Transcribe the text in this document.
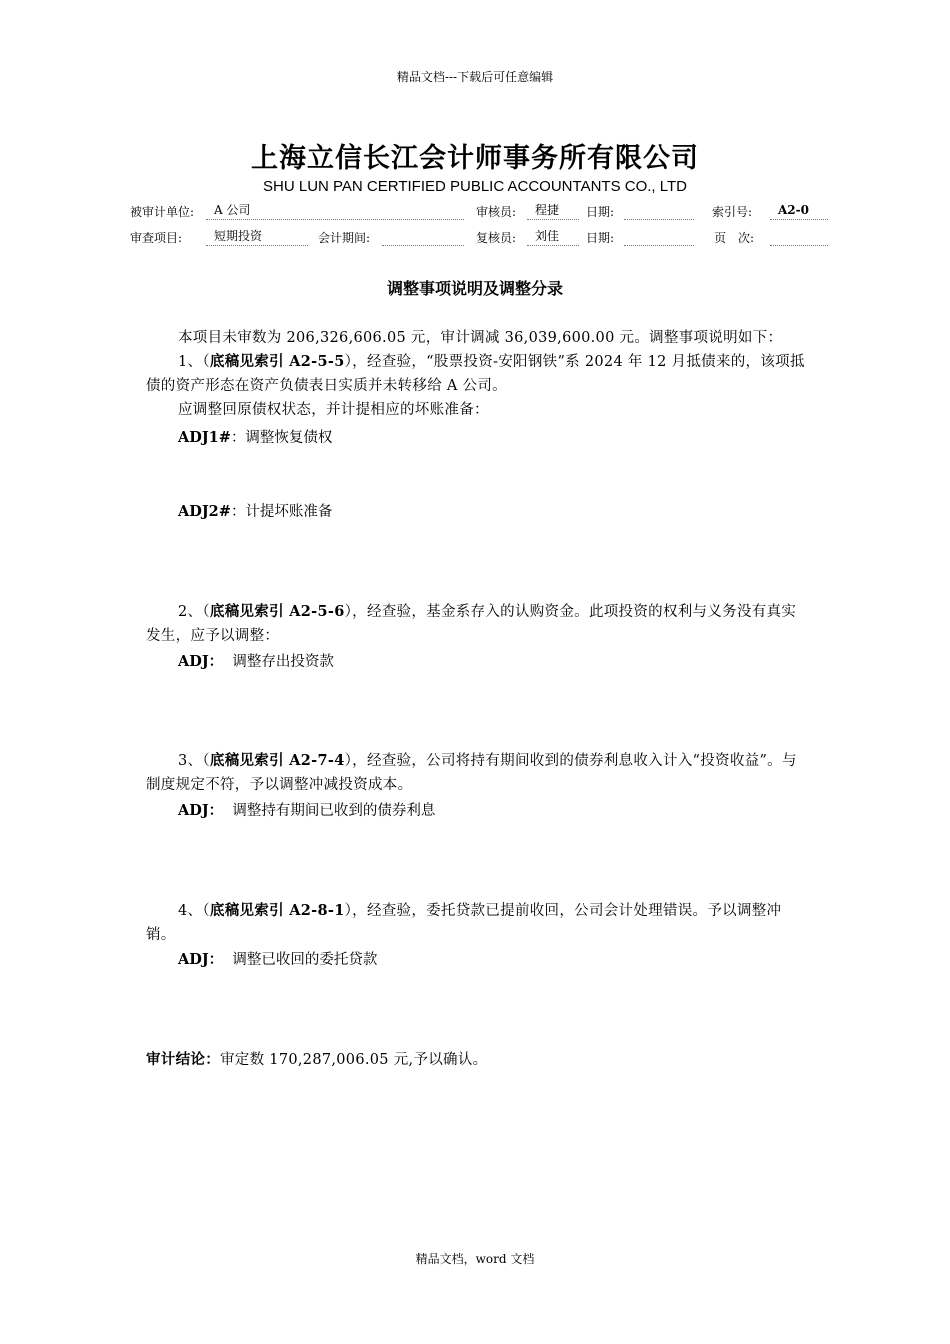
精品文档---下载后可任意编辑
上海立信长江会计师事务所有限公司
SHU LUN PAN CERTIFIED PUBLIC ACCOUNTANTS CO., LTD
被审计单位:	A 公司	审核员:	程捷	日期:	索引号:	A2-0
审查项目:	短期投资	会计期间:	复核员:	刘佳	日期:	页　次:
调整事项说明及调整分录
本项目未审数为 206,326,606.05 元，审计调减 36,039,600.00 元。调整事项说明如下：
1、（底稿见索引 A2-5-5），经查验，“股票投资-安阳钢铁”系 2024 年 12 月抵债来的，该项抵债的资产形态在资产负债表日实质并未转移给 A 公司。
应调整回原债权状态，并计提相应的坏账准备：
ADJ1#：调整恢复债权
ADJ2#：计提坏账准备
2、（底稿见索引 A2-5-6），经查验，基金系存入的认购资金。此项投资的权利与义务没有真实发生，应予以调整：
ADJ： 调整存出投资款
3、（底稿见索引 A2-7-4），经查验，公司将持有期间收到的债券利息收入计入“投资收益”。与制度规定不符，予以调整冲减投资成本。
ADJ： 调整持有期间已收到的债券利息
4、（底稿见索引 A2-8-1），经查验，委托贷款已提前收回，公司会计处理错误。予以调整冲销。
ADJ： 调整已收回的委托贷款
审计结论：审定数 170,287,006.05 元,予以确认。
精品文档，word 文档
